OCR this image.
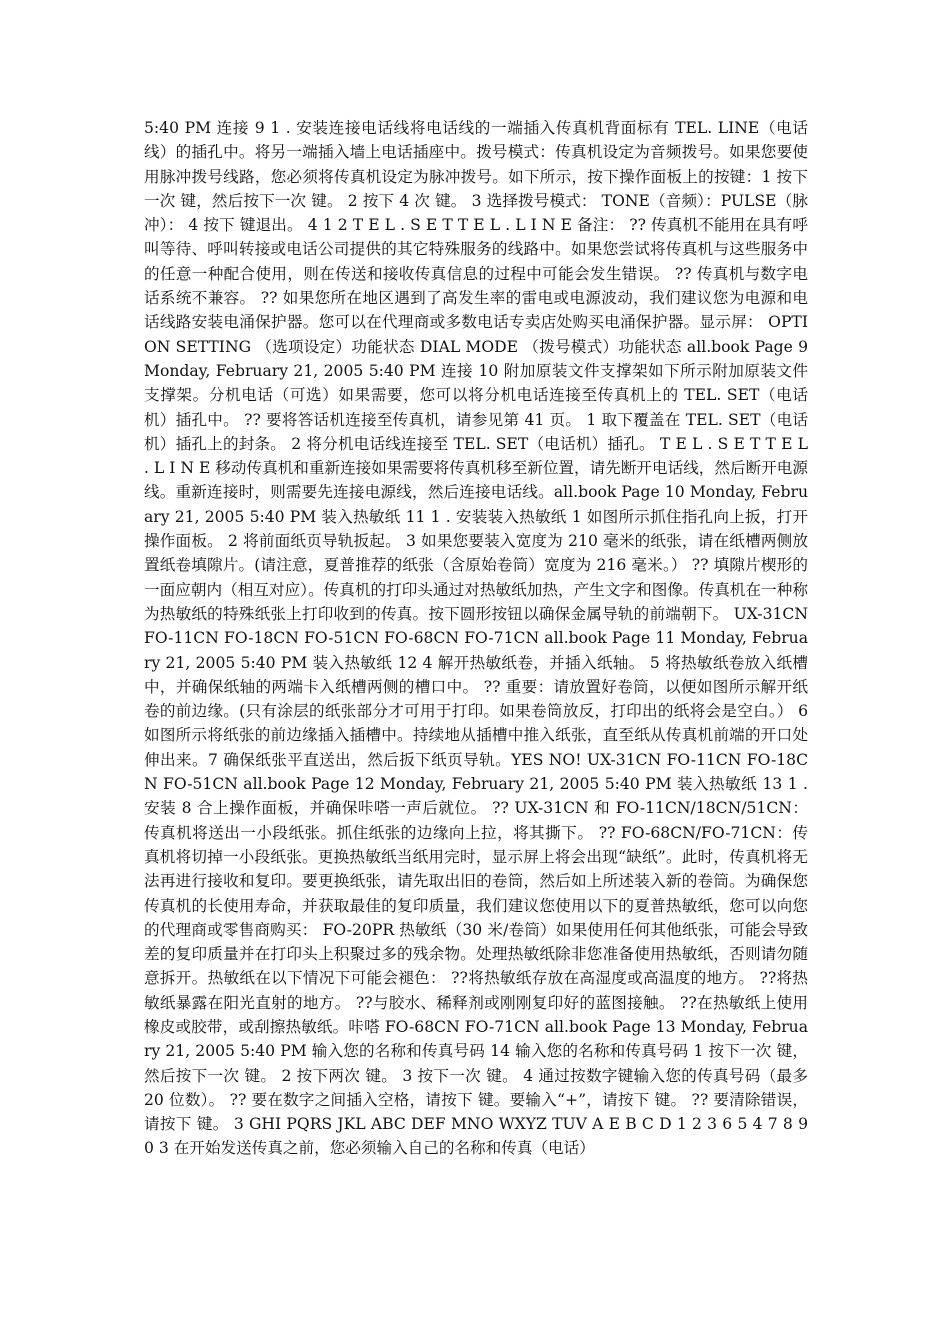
5:40 PM 连接 9 1 . 安装连接电话线将电话线的一端插入传真机背面标有 TEL. LINE（电话线）的插孔中。将另一端插入墙上电话插座中。拨号模式：传真机设定为音频拨号。如果您要使用脉冲拨号线路，您必须将传真机设定为脉冲拨号。如下所示，按下操作面板上的按键：1 按下一次 键，然后按下一次 键。 2 按下 4 次 键。 3 选择拨号模式： TONE（音频）：PULSE（脉冲）： 4 按下 键退出。 4 1 2 T E L . S E T T E L . L I N E 备注： ?? 传真机不能用在具有呼叫等待、呼叫转接或电话公司提供的其它特殊服务的线路中。如果您尝试将传真机与这些服务中的任意一种配合使用，则在传送和接收传真信息的过程中可能会发生错误。 ?? 传真机与数字电话系统不兼容。 ?? 如果您所在地区遇到了高发生率的雷电或电源波动，我们建议您为电源和电话线路安装电涌保护器。您可以在代理商或多数电话专卖店处购买电涌保护器。显示屏： OPTION SETTING （选项设定）功能状态 DIAL MODE （拨号模式）功能状态 all.book Page 9 Monday, February 21, 2005 5:40 PM 连接 10 附加原装文件支撑架如下所示附加原装文件支撑架。分机电话（可选）如果需要，您可以将分机电话连接至传真机上的 TEL. SET（电话机）插孔中。 ?? 要将答话机连接至传真机，请参见第 41 页。 1 取下覆盖在 TEL. SET（电话机）插孔上的封条。 2 将分机电话线连接至 TEL. SET（电话机）插孔。 T E L . S E T T E L . L I N E 移动传真机和重新连接如果需要将传真机移至新位置，请先断开电话线，然后断开电源线。重新连接时，则需要先连接电源线，然后连接电话线。all.book Page 10 Monday, February 21, 2005 5:40 PM 装入热敏纸 11 1 . 安装装入热敏纸 1 如图所示抓住指孔向上扳，打开操作面板。 2 将前面纸页导轨扳起。 3 如果您要装入宽度为 210 毫米的纸张，请在纸槽两侧放置纸卷填隙片。(请注意，夏普推荐的纸张（含原始卷筒）宽度为 216 毫米。） ?? 填隙片楔形的一面应朝内（相互对应）。传真机的打印头通过对热敏纸加热，产生文字和图像。传真机在一种称为热敏纸的特殊纸张上打印收到的传真。按下圆形按钮以确保金属导轨的前端朝下。 UX-31CN FO-11CN FO-18CN FO-51CN FO-68CN FO-71CN all.book Page 11 Monday, February 21, 2005 5:40 PM 装入热敏纸 12 4 解开热敏纸卷，并插入纸轴。 5 将热敏纸卷放入纸槽中，并确保纸轴的两端卡入纸槽两侧的槽口中。 ?? 重要：请放置好卷筒，以便如图所示解开纸卷的前边缘。(只有涂层的纸张部分才可用于打印。如果卷筒放反，打印出的纸将会是空白。） 6 如图所示将纸张的前边缘插入插槽中。持续地从插槽中推入纸张，直至纸从传真机前端的开口处伸出来。7 确保纸张平直送出，然后扳下纸页导轨。YES NO! UX-31CN FO-11CN FO-18CN FO-51CN all.book Page 12 Monday, February 21, 2005 5:40 PM 装入热敏纸 13 1 . 安装 8 合上操作面板，并确保咔嗒一声后就位。 ?? UX-31CN 和 FO-11CN/18CN/51CN：传真机将送出一小段纸张。抓住纸张的边缘向上拉，将其撕下。 ?? FO-68CN/FO-71CN：传真机将切掉一小段纸张。更换热敏纸当纸用完时，显示屏上将会出现“缺纸”。此时，传真机将无法再进行接收和复印。要更换纸张，请先取出旧的卷筒，然后如上所述装入新的卷筒。为确保您传真机的长使用寿命，并获取最佳的复印质量，我们建议您使用以下的夏普热敏纸，您可以向您的代理商或零售商购买： FO-20PR 热敏纸（30 米/卷筒）如果使用任何其他纸张，可能会导致差的复印质量并在打印头上积聚过多的残余物。处理热敏纸除非您准备使用热敏纸，否则请勿随意拆开。热敏纸在以下情况下可能会褪色： ??将热敏纸存放在高湿度或高温度的地方。 ??将热敏纸暴露在阳光直射的地方。 ??与胶水、稀释剂或刚刚复印好的蓝图接触。 ??在热敏纸上使用橡皮或胶带，或刮擦热敏纸。咔嗒 FO-68CN FO-71CN all.book Page 13 Monday, February 21, 2005 5:40 PM 输入您的名称和传真号码 14 输入您的名称和传真号码 1 按下一次 键，然后按下一次 键。 2 按下两次 键。 3 按下一次 键。 4 通过按数字键输入您的传真号码（最多 20 位数）。 ?? 要在数字之间插入空格，请按下 键。要输入“+”，请按下 键。 ?? 要清除错误，请按下 键。 3 GHI PQRS JKL ABC DEF MNO WXYZ TUV A E B C D 1 2 3 6 5 4 7 8 9 0 3 在开始发送传真之前，您必须输入自己的名称和传真（电话）
